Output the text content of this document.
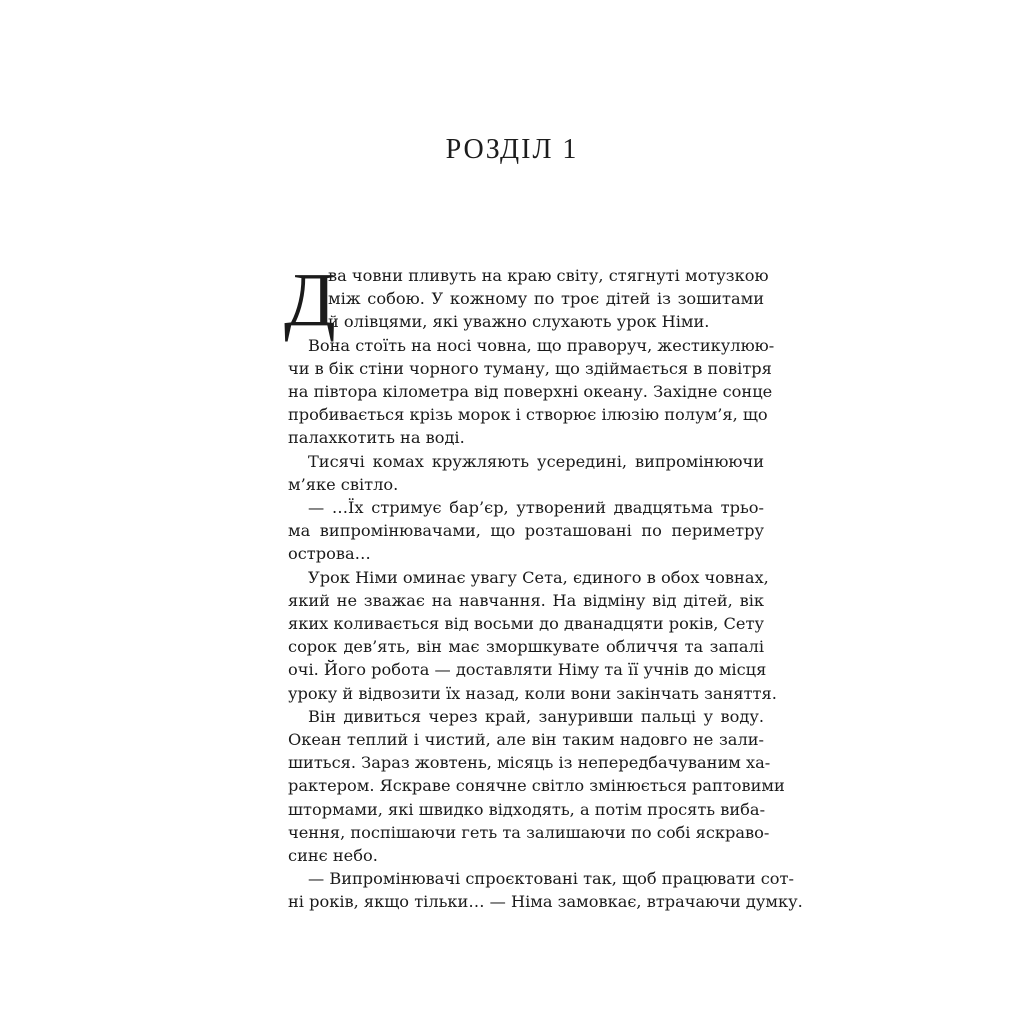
РОЗДІЛ 1
Д
ва човни пливуть на краю світу, стягнуті мотузкою
між собою. У кожному по троє дітей із зошитами
й олівцями, які уважно слухають урок Німи.
Вона стоїть на носі човна, що праворуч, жестикулюю-
чи в бік стіни чорного туману, що здіймається в повітря
на півтора кілометра від поверхні океану. Західне сонце
пробивається крізь морок і створює ілюзію полум’я, що
палахкотить на воді.
Тисячі комах кружляють усередині, випромінюючи
м’яке світло.
— …Їх стримує бар’єр, утворений двадцятьма трьо-
ма випромінювачами, що розташовані по периметру
острова…
Урок Німи оминає увагу Сета, єдиного в обох човнах,
який не зважає на навчання. На відміну від дітей, вік
яких коливається від восьми до дванадцяти років, Сету
сорок дев’ять, він має зморшкувате обличчя та запалі
очі. Його робота — доставляти Німу та її учнів до місця
уроку й відвозити їх назад, коли вони закінчать заняття.
Він дивиться через край, зануривши пальці у воду.
Океан теплий і чистий, але він таким надовго не зали-
шиться. Зараз жовтень, місяць із непередбачуваним ха-
рактером. Яскраве сонячне світло змінюється раптовими
штормами, які швидко відходять, а потім просять виба-
чення, поспішаючи геть та залишаючи по собі яскраво-
синє небо.
— Випромінювачі спроєктовані так, щоб працювати сот-
ні років, якщо тільки… — Німа замовкає, втрачаючи думку.
